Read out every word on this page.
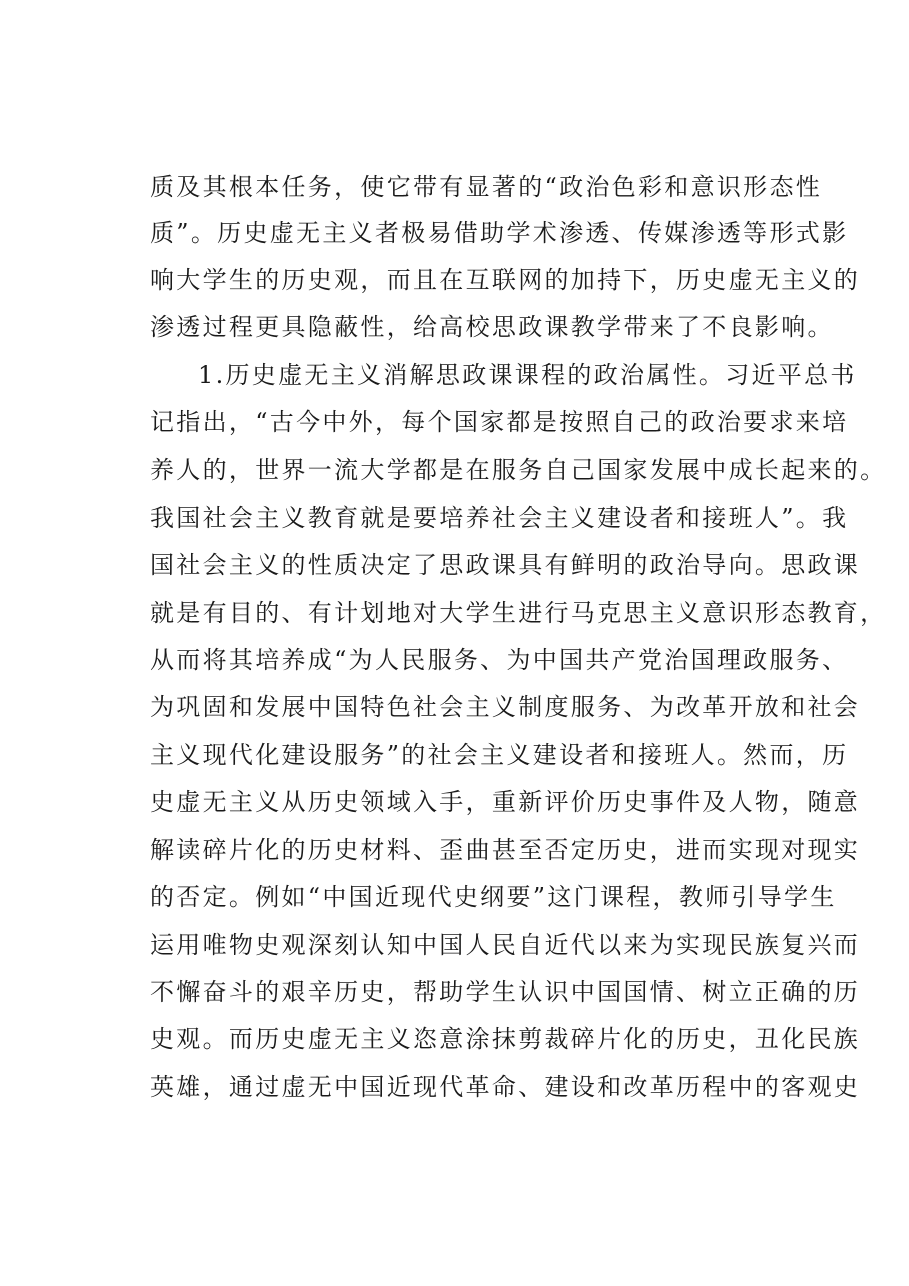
质及其根本任务，使它带有显著的“政治色彩和意识形态性
质”。历史虚无主义者极易借助学术渗透、传媒渗透等形式影
响大学生的历史观，而且在互联网的加持下，历史虚无主义的
渗透过程更具隐蔽性，给高校思政课教学带来了不良影响。
1.历史虚无主义消解思政课课程的政治属性。习近平总书
记指出，“古今中外，每个国家都是按照自己的政治要求来培
养人的，世界一流大学都是在服务自己国家发展中成长起来的。
我国社会主义教育就是要培养社会主义建设者和接班人”。我
国社会主义的性质决定了思政课具有鲜明的政治导向。思政课
就是有目的、有计划地对大学生进行马克思主义意识形态教育，
从而将其培养成“为人民服务、为中国共产党治国理政服务、
为巩固和发展中国特色社会主义制度服务、为改革开放和社会
主义现代化建设服务”的社会主义建设者和接班人。然而，历
史虚无主义从历史领域入手，重新评价历史事件及人物，随意
解读碎片化的历史材料、歪曲甚至否定历史，进而实现对现实
的否定。例如“中国近现代史纲要”这门课程，教师引导学生
运用唯物史观深刻认知中国人民自近代以来为实现民族复兴而
不懈奋斗的艰辛历史，帮助学生认识中国国情、树立正确的历
史观。而历史虚无主义恣意涂抹剪裁碎片化的历史，丑化民族
英雄，通过虚无中国近现代革命、建设和改革历程中的客观史
